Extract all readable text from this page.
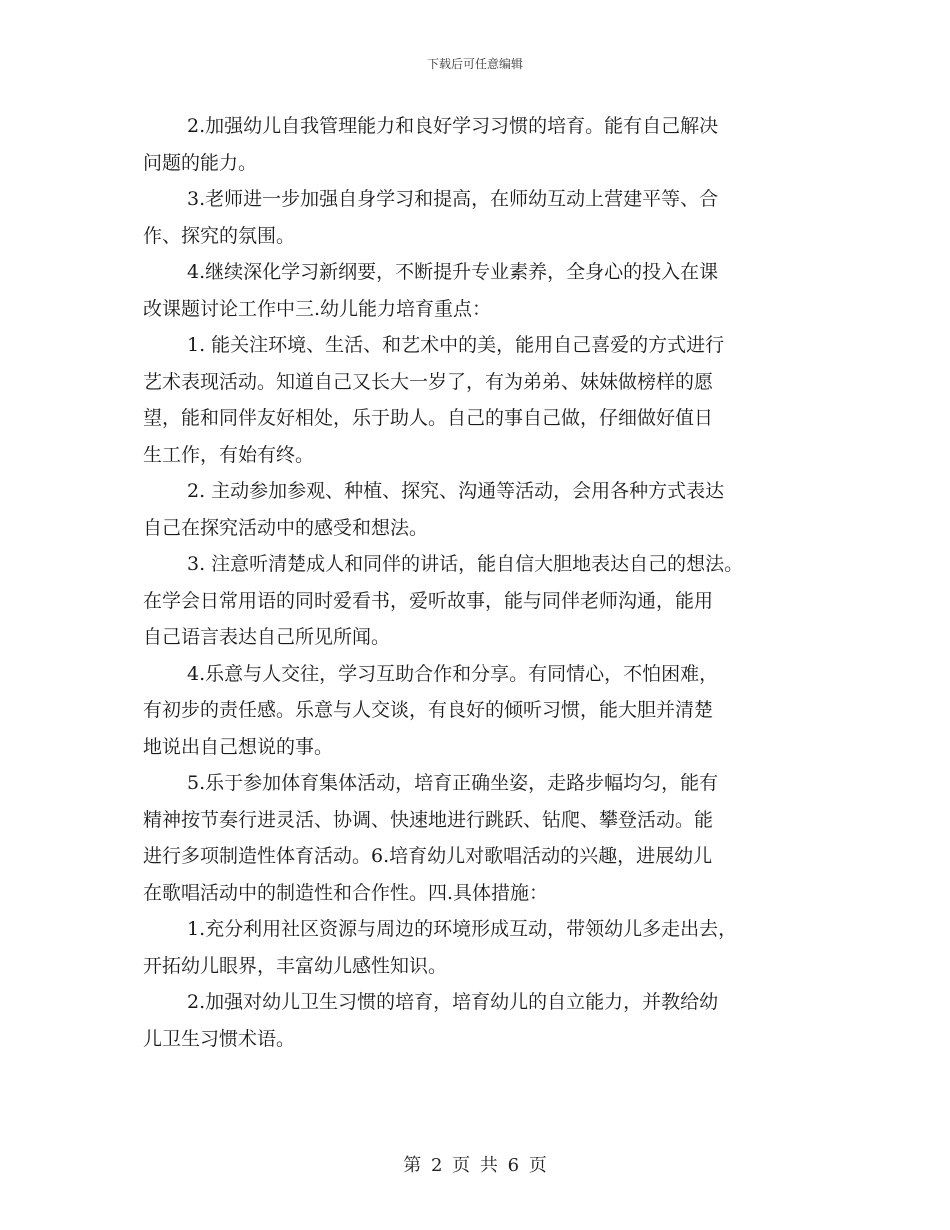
下载后可任意编辑

2.加强幼儿自我管理能力和良好学习习惯的培育。能有自己解决
问题的能力。

3.老师进一步加强自身学习和提高，在师幼互动上营建平等、合
作、探究的氛围。

4.继续深化学习新纲要，不断提升专业素养，全身心的投入在课
改课题讨论工作中三.幼儿能力培育重点：

1. 能关注环境、生活、和艺术中的美，能用自己喜爱的方式进行
艺术表现活动。知道自己又长大一岁了，有为弟弟、妹妹做榜样的愿
望，能和同伴友好相处，乐于助人。自己的事自己做，仔细做好值日
生工作，有始有终。

2. 主动参加参观、种植、探究、沟通等活动，会用各种方式表达
自己在探究活动中的感受和想法。

3. 注意听清楚成人和同伴的讲话，能自信大胆地表达自己的想法。
在学会日常用语的同时爱看书，爱听故事，能与同伴老师沟通，能用
自己语言表达自己所见所闻。

4.乐意与人交往，学习互助合作和分享。有同情心，不怕困难，
有初步的责任感。乐意与人交谈，有良好的倾听习惯，能大胆并清楚
地说出自己想说的事。

5.乐于参加体育集体活动，培育正确坐姿，走路步幅均匀，能有
精神按节奏行进灵活、协调、快速地进行跳跃、钻爬、攀登活动。能
进行多项制造性体育活动。6.培育幼儿对歌唱活动的兴趣，进展幼儿
在歌唱活动中的制造性和合作性。四.具体措施：

1.充分利用社区资源与周边的环境形成互动，带领幼儿多走出去，
开拓幼儿眼界，丰富幼儿感性知识。

2.加强对幼儿卫生习惯的培育，培育幼儿的自立能力，并教给幼
儿卫生习惯术语。

第 2 页 共 6 页
